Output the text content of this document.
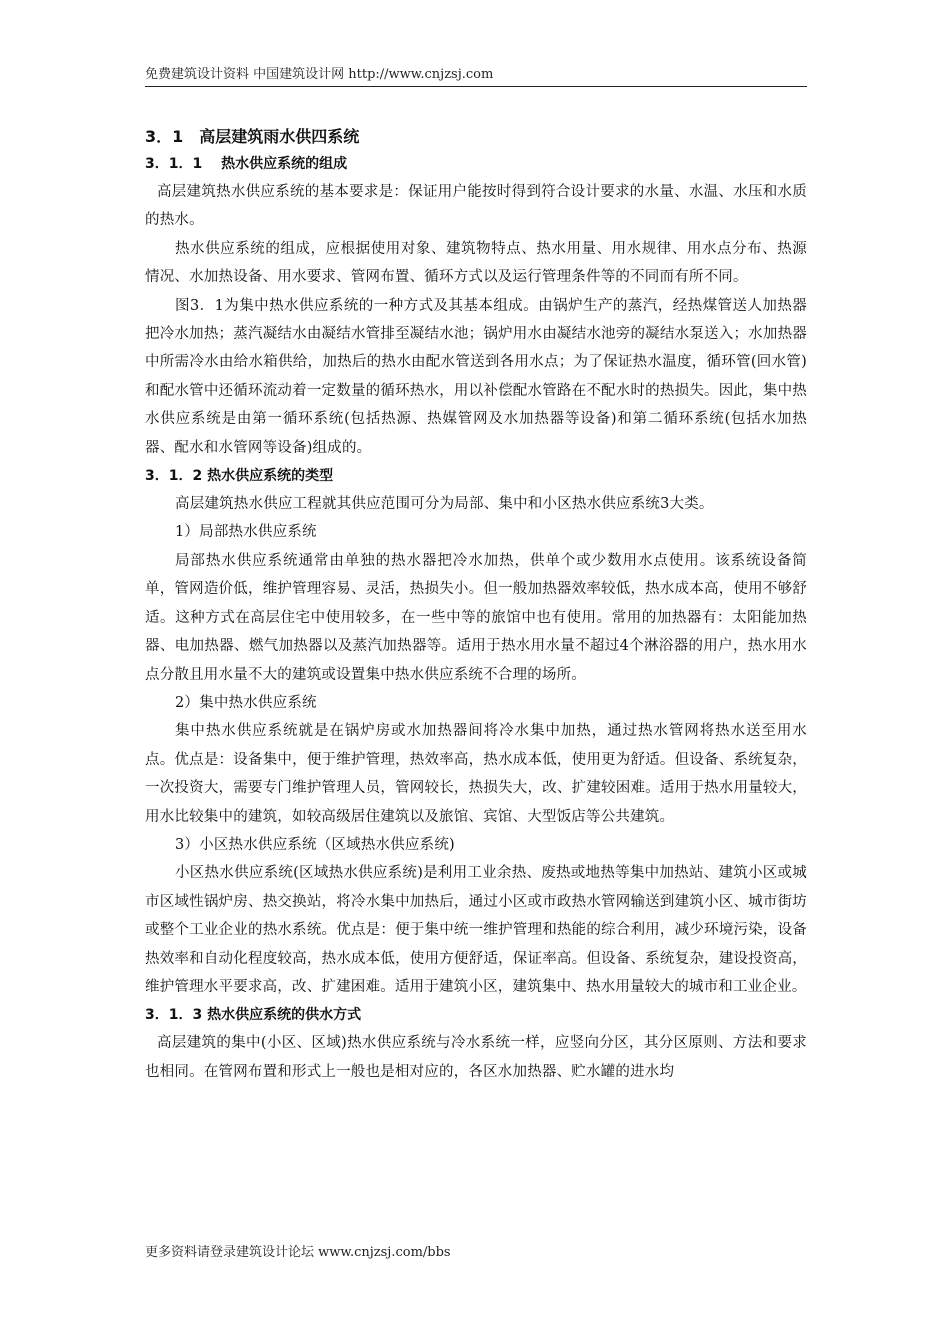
免费建筑设计资料 中国建筑设计网 http://www.cnjzsj.com

3．1　高层建筑雨水供四系统

3．1．1　 热水供应系统的组成

高层建筑热水供应系统的基本要求是：保证用户能按时得到符合设计要求的水量、水温、水压和水质的热水。

热水供应系统的组成，应根据使用对象、建筑物特点、热水用量、用水规律、用水点分布、热源情况、水加热设备、用水要求、管网布置、循环方式以及运行管理条件等的不同而有所不同。

图3．1为集中热水供应系统的一种方式及其基本组成。由锅炉生产的蒸汽，经热煤管送人加热器把冷水加热；蒸汽凝结水由凝结水管排至凝结水池；锅炉用水由凝结水池旁的凝结水泵送入；水加热器中所需冷水由给水箱供给，加热后的热水由配水管送到各用水点；为了保证热水温度，循环管(回水管)和配水管中还循环流动着一定数量的循环热水，用以补偿配水管路在不配水时的热损失。因此，集中热水供应系统是由第一循环系统(包括热源、热媒管网及水加热器等设备)和第二循环系统(包括水加热器、配水和水管网等设备)组成的。

3．1．2 热水供应系统的类型

高层建筑热水供应工程就其供应范围可分为局部、集中和小区热水供应系统3大类。

1）局部热水供应系统

局部热水供应系统通常由单独的热水器把冷水加热，供单个或少数用水点使用。该系统设备简单，管网造价低，维护管理容易、灵活，热损失小。但一般加热器效率较低，热水成本高，使用不够舒适。这种方式在高层住宅中使用较多，在一些中等的旅馆中也有使用。常用的加热器有：太阳能加热器、电加热器、燃气加热器以及蒸汽加热器等。适用于热水用水量不超过4个淋浴器的用户，热水用水点分散且用水量不大的建筑或设置集中热水供应系统不合理的场所。

2）集中热水供应系统

集中热水供应系统就是在锅炉房或水加热器间将冷水集中加热，通过热水管网将热水送至用水点。优点是：设备集中，便于维护管理，热效率高，热水成本低，使用更为舒适。但设备、系统复杂，一次投资大，需要专门维护管理人员，管网较长，热损失大，改、扩建较困难。适用于热水用量较大，用水比较集中的建筑，如较高级居住建筑以及旅馆、宾馆、大型饭店等公共建筑。

3）小区热水供应系统（区域热水供应系统)

小区热水供应系统(区域热水供应系统)是利用工业余热、废热或地热等集中加热站、建筑小区或城市区域性锅炉房、热交换站，将冷水集中加热后，通过小区或市政热水管网输送到建筑小区、城市街坊或整个工业企业的热水系统。优点是：便于集中统一维护管理和热能的综合利用，减少环境污染，设备热效率和自动化程度较高，热水成本低，使用方便舒适，保证率高。但设备、系统复杂，建设投资高，维护管理水平要求高，改、扩建困难。适用于建筑小区，建筑集中、热水用量较大的城市和工业企业。

3．1．3 热水供应系统的供水方式

高层建筑的集中(小区、区域)热水供应系统与冷水系统一样，应竖向分区，其分区原则、方法和要求也相同。在管网布置和形式上一般也是相对应的，各区水加热器、贮水罐的进水均

更多资料请登录建筑设计论坛 www.cnjzsj.com/bbs
